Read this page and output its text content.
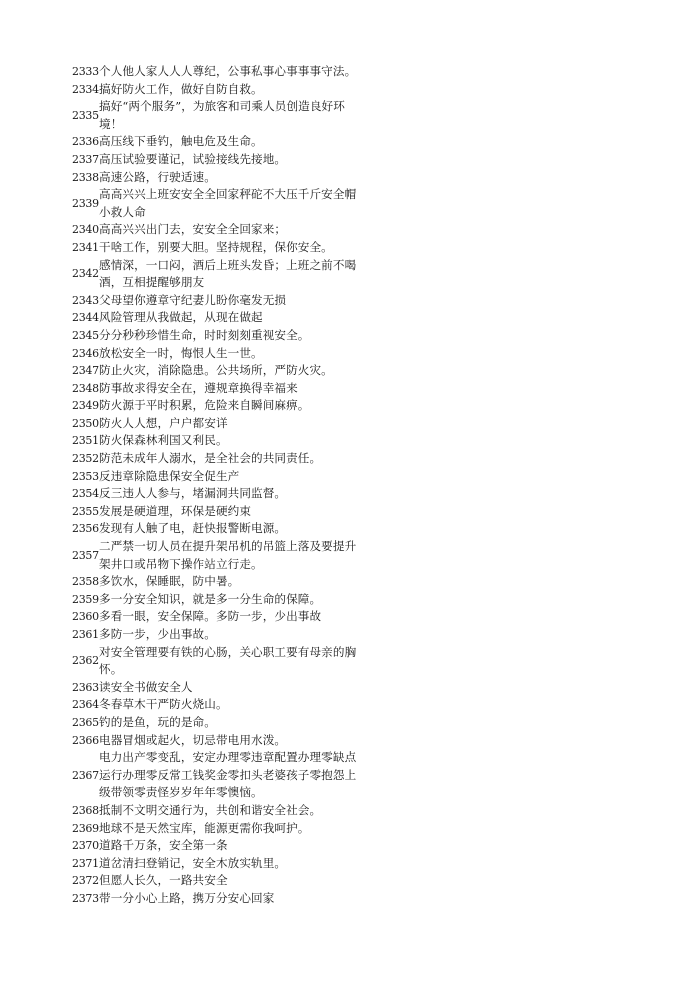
2333 个人他人家人人人尊纪，公事私事心事事事守法。
2334 搞好防火工作，做好自防自救。
2335
搞好“两个服务”，为旅客和司乘人员创造良好环境！
2336 高压线下垂钓，触电危及生命。
2337 高压试验要谨记，试验接线先接地。
2338 高速公路，行驶适速。
2339
高高兴兴上班安安全全回家秤砣不大压千斤安全帽小救人命
2340 高高兴兴出门去，安安全全回家来；
2341 干啥工作，别要大胆。坚持规程，保你安全。
2342
感情深，一口闷，酒后上班头发昏；上班之前不喝酒，互相提醒够朋友
2343 父母望你遵章守纪妻儿盼你毫发无损
2344 风险管理从我做起，从现在做起
2345 分分秒秒珍惜生命，时时刻刻重视安全。
2346 放松安全一时，悔恨人生一世。
2347 防止火灾，消除隐患。公共场所，严防火灾。
2348 防事故求得安全在，遵规章换得幸福来
2349 防火源于平时积累，危险来自瞬间麻痹。
2350 防火人人想，户户都安详
2351 防火保森林利国又利民。
2352 防范未成年人溺水，是全社会的共同责任。
2353 反违章除隐患保安全促生产
2354 反三违人人参与，堵漏洞共同监督。
2355 发展是硬道理，环保是硬约束
2356 发现有人触了电，赶快报警断电源。
2357
二严禁一切人员在提升架吊机的吊篮上落及要提升架井口或吊物下操作站立行走。
2358 多饮水，保睡眠，防中暑。
2359 多一分安全知识，就是多一分生命的保障。
2360 多看一眼，安全保障。多防一步，少出事故
2361 多防一步，少出事故。
2362
对安全管理要有铁的心肠，关心职工要有母亲的胸怀。
2363 读安全书做安全人
2364 冬春草木干严防火烧山。
2365 钓的是鱼，玩的是命。
2366 电器冒烟或起火，切忌带电用水泼。
2367
电力出产零变乱，安定办理零违章配置办理零缺点运行办理零反常工钱奖金零扣头老婆孩子零抱怨上级带领零责怪岁岁年年零懊恼。
2368 抵制不文明交通行为，共创和谐安全社会。
2369 地球不是天然宝库，能源更需你我呵护。
2370 道路千万条，安全第一条
2371 道岔清扫登销记，安全木放实轨里。
2372 但愿人长久，一路共安全
2373 带一分小心上路，携万分安心回家
